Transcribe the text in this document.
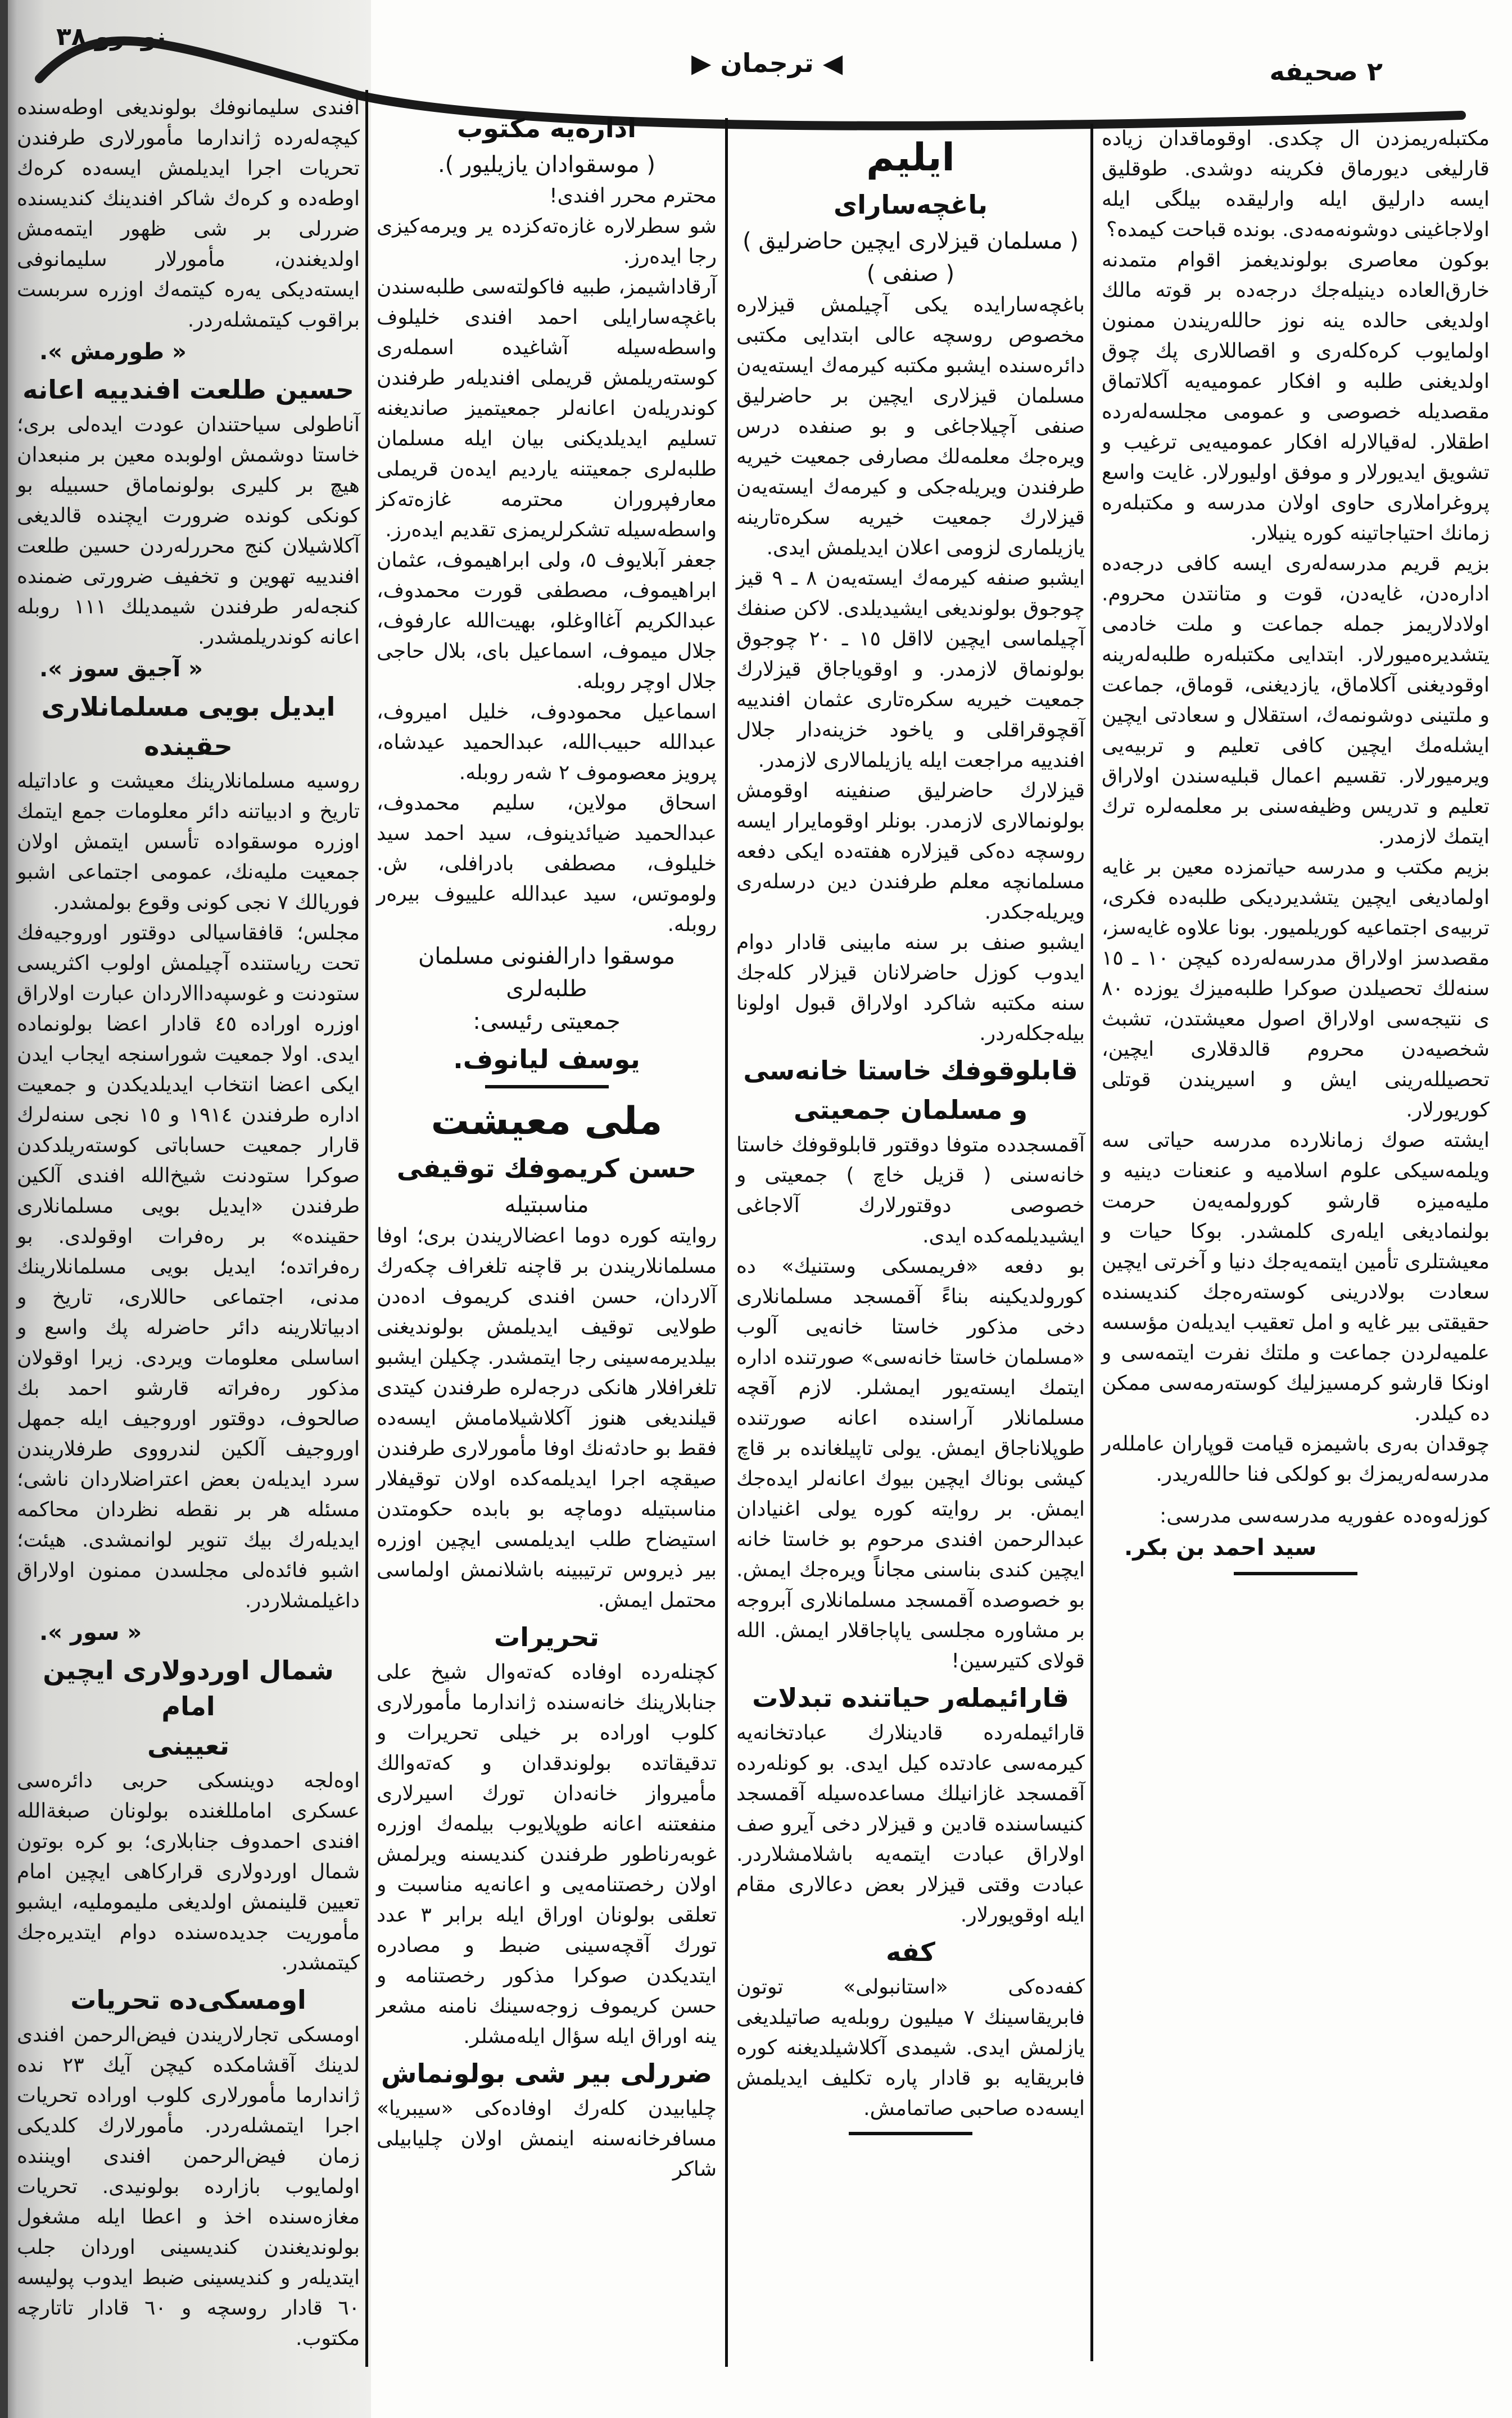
٢ صحیفه
◀ ترجمان ▶
نومرو ٣٨

مکتبلەریمزدن ال چکدی. اوقوماقدان زیادە قارلیغی دیورماق فکرینە دوشدی. طوقلیق ایسە دارلیق ایلە وارلیقدە بیلگی ایلە اولاجاغینی دوشونەمەدی. بوندە قباحت کیمدە؟

بوکون معاصری بولوندیغمز اقوام متمدنە خارق‌العادە دینیلەجك درجەدە بر قوتە مالك اولدیغی حالدە ینە نوز حاللەریندن ممنون اولمایوب کرەکلەری و اقصاللاری پك چوق اولدیغنی طلبە و افکار عمومیەیە آکلاتماق مقصدیلە خصوصی و عمومی مجلسەلەردە اطقلار. لەقیالارلە افکار عمومیەیی ترغیب و تشویق ایدیورلار و موفق اولیورلار. غایت واسع پروغراملاری حاوی اولان مدرسە و مکتبلەرە زمانك احتیاجاتینە کورە ینیلار.

بزیم قریم مدرسەلەری ایسە کافی درجەدە ادارەدن، غایەدن، قوت و متانتدن محروم. اولادلاریمز جملە جماعت و ملت خادمی یتشدیرەمیورلار. ابتدایی مکتبلەرە طلبەلەرینە اوقودیغنی آکلاماق، یازدیغنی، قوماق، جماعت و ملتینی دوشونمەك، استقلال و سعادتی ایچین ایشلەمك ایچین کافی تعلیم و تربیەیی ویرمیورلار. تقسیم اعمال قبلیەسندن اولاراق تعلیم و تدریس وظیفەسنی بر معلمەلرە ترك ایتمك لازمدر.

بزیم مکتب و مدرسە حیاتمزدە معین بر غایە اولمادیغی ایچین یتشدیردیکی طلبەدە فکری، تربیەی اجتماعیە کوریلمیور. بونا علاوە غایەسز، مقصدسز اولاراق مدرسەلەردە کیچن ١٠ ـ ١٥ سنەلك تحصیلدن صوکرا طلبەمیزك یوزدە ٨٠ ی نتیجەسی اولاراق اصول معیشتدن، تشبث شخصیەدن محروم قالدقلاری ایچین، تحصیللەرینی ایش و اسیریندن قوتلی کوریورلار.

ایشتە صوك زمانلاردە مدرسە حیاتی سە ویلمەسیکی علوم اسلامیە و عنعنات دینیە و ملیەمیزە قارشو کورولمەیەن حرمت بولنمادیغی ایلەری کلمشدر. بوکا حیات و معیشتلری تأمین ایتمەیەجك دنیا و آخرتی ایچین سعادت بولادرینی کوستەرەجك کندیسندە حقیقتی بیر غایە و امل تعقیب ایدیلەن مؤسسە علمیەلردن جماعت و ملتك نفرت ایتمەسی و اونکا قارشو کرمسیزلیك کوستەرمەسی ممکن دە کیلدر.

چوقدان بەری باشیمزە قیامت قوپاران عامللەر مدرسەلەریمزك بو کولکی فنا حاللەریدر.

کوزلەوەدە عفوریە مدرسەسی مدرسی:

سید احمد بن بکر.

ایلیم

باغچەسارای

( مسلمان قیزلاری ایچین حاضرلیق )

( صنفی )

باغچەسارایدە یکی آچیلمش قیزلارە مخصوص روسچە عالی ابتدایی مکتبی دائرەسندە ایشبو مکتبە کیرمەك ایستەیەن مسلمان قیزلاری ایچین بر حاضرلیق صنفی آچیلاجاغی و بو صنفدە درس ویرەجك معلمەلك مصارفی جمعیت خیریە طرفندن ویریلەجکی و کیرمەك ایستەیەن قیزلارك جمعیت خیریە سکرەتارینە یازیلماری لزومی اعلان ایدیلمش ایدی.

ایشبو صنفە کیرمەك ایستەیەن ٨ ـ ٩ قیز چوجوق بولوندیغی ایشیدیلدی. لاکن صنفك آچیلماسی ایچین لااقل ١٥ ـ ٢٠ چوجوق بولونماق لازمدر. و اوقویاجاق قیزلارك جمعیت خیریە سکرەتاری عثمان افندییە آقچوقراقلی و یاخود خزینەدار جلال افندییە مراجعت ایلە یازیلمالاری لازمدر.

قیزلارك حاضرلیق صنفینە اوقومش بولونمالاری لازمدر. بونلر اوقومایرار ایسە روسچە دەکی قیزلارە هفتەدە ایکی دفعە مسلمانچە معلم طرفندن دین درسلەری ویریلەجکدر.

ایشبو صنف بر سنە مابینی قادار دوام ایدوب کوزل حاضرلانان قیزلار کلەجك سنە مکتبە شاکرد اولاراق قبول اولونا بیلەجکلەردر.

قابلوقوفك خاستا خانەسی

و مسلمان جمعیتی

آقمسجددە متوفا دوقتور قابلوقوفك خاستا خانەسنی ( قزیل خاچ ) جمعیتی و خصوصی دوقتورلارك آلاجاغی ایشیدیلمەکدە ایدی.

بو دفعە «فریمسکی وستنیك» دە کورولدیکینە بناءً آقمسجد مسلمانلاری دخی مذکور خاستا خانەیی آلوب «مسلمان خاستا خانەسی» صورتندە ادارە ایتمك ایستەیور ایمشلر. لازم آقچە مسلمانلار آراسندە اعانە صورتندە طوپلاناجاق ایمش. یولی تاپیلغاندە بر قاچ کیشی بوناك ایچین بیوك اعانەلر ایدەجك ایمش. بر روایتە کورە یولی اغنیادان عبدالرحمن افندی مرحوم بو خاستا خانە ایچین کندی بناسنی مجاناً ویرەجك ایمش. بو خصوصدە آقمسجد مسلمانلاری آبروجە بر مشاورە مجلسی یاپاجاقلار ایمش. الله قولای کتیرسین!

قارائیملەر حیاتندە تبدلات

قارائیملەردە قادینلارك عبادتخانەیە کیرمەسی عادتدە کیل ایدی. بو کونلەردە آقمسجد غازانیلك مساعدەسیلە آقمسجد کنیساسندە قادین و قیزلار دخی آیرو صف اولاراق عبادت ایتمەیە باشلامشلاردر. عبادت وقتی قیزلار بعض دعالاری مقام ایلە اوقویورلار.

کفە

کفەدەکی «استانبولی» توتون فابریقاسینك ٧ میلیون روبلەیە صاتیلدیغی یازلمش ایدی. شیمدی آکلاشیلدیغنە کورە فابریقایە بو قادار پارە تکلیف ایدیلمش ایسەدە صاحبی صاتمامش.

ادارەیه مکتوب

( موسقوادان یازیلیور ).

محترم محرر افندی!

شو سطرلارە غازەتەکزدە یر ویرمەکیزی رجا ایدەرز.

آرقاداشیمز، طبیە فاکولتەسی طلبەسندن باغچەسارایلی احمد افندی خلیلوف واسطەسیلە آشاغیدە اسملەری کوستەریلمش قریملی افندیلەر طرفندن کوندریلەن اعانەلر جمعیتمیز صاندیغنە تسلیم ایدیلدیکنی بیان ایلە مسلمان طلبەلری جمعیتنە یاردیم ایدەن قریملی معارفپروران محترمە غازەتەکز واسطەسیلە تشکرلریمزی تقدیم ایدەرز.

جعفر آبلایوف ٥، ولی ابراهیموف، عثمان ابراهیموف، مصطفی قورت محمدوف، عبدالکریم آغااوغلو، بهیت‌الله عارفوف، جلال میموف، اسماعیل بای، بلال حاجی جلال اوچر روبلە.

اسماعیل محمودوف، خلیل امیروف، عبدالله حبیب‌الله، عبدالحمید عیدشاە، پرویز معصوموف ٢ شەر روبلە.

اسحاق مولاین، سلیم محمدوف، عبدالحمید ضیائدینوف، سید احمد سید خلیلوف، مصطفی بادرافلی، ش. ولوموتس، سید عبدالله علییوف بیرەر روبلە.

موسقوا دارالفنونی مسلمان طلبەلری

جمعیتی رئیسی:

یوسف لیانوف.

ملی معیشت

حسن کریموفك توقیفی

مناسبتیله

روایتە کورە دوما اعضالاریندن بری؛ اوفا مسلمانلاریندن بر قاچنە تلغراف چکەرك آلاردان، حسن افندی کریموف ادەدن طولایی توقیف ایدیلمش بولوندیغنی بیلدیرمەسینی رجا ایتمشدر. چکیلن ایشبو تلغرافلار هانکی درجەلرە طرفندن کیتدی قیلندیغی هنوز آکلاشیلامامش ایسەدە فقط بو حادثەنك اوفا مأمورلاری طرفندن صیقچە اجرا ایدیلمەکدە اولان توقیفلار مناسبتیلە دوماچە بو بابدە حکومتدن استیضاح طلب ایدیلمسی ایچین اوزرە بیر ذیروس ترتیبینە باشلانمش اولماسی محتمل ایمش.

تحریرات

کچنلەردە اوفادە کەتەوال شیخ علی جنابلارینك خانەسندە ژاندارما مأمورلاری کلوب اورادە بر خیلی تحریرات و تدقیقاتدە بولوندقدان و کەتەوالك مأمیرواز خانەدان تورك اسیرلاری منفعتنە اعانە طوپلایوب بیلمەك اوزرە غوبەرناطور طرفندن کندیسنە ویرلمش اولان رخصتنامەیی و اعانەیە مناسبت و تعلقی بولونان اوراق ایلە برابر ٣ عدد تورك آقچەسینی ضبط و مصادرە ایتدیکدن صوکرا مذکور رخصتنامە و حسن کریموف زوجەسینك نامنە مشعر ینە اوراق ایلە سؤال ایلەمشلر.

ضررلی بیر شی بولونماش

چلیابیدن کلەرك اوفادەکی «سیبریا» مسافرخانەسنە اینمش اولان چلیابیلی شاکر

افندی سلیمانوفك بولوندیغی اوطەسندە کیچەلەردە ژاندارما مأمورلاری طرفندن تحریات اجرا ایدیلمش ایسەدە کرەك اوطەدە و کرەك شاکر افندینك کندیسندە ضررلی بر شی ظهور ایتمەمش اولدیغندن، مأمورلار سلیمانوفی ایستەدیکی یەرە کیتمەك اوزرە سربست براقوب کیتمشلەردر.

« طورمش ».

حسین طلعت افندییه اعانه

آناطولی سیاحتندان عودت ایدەلی بری؛ خاستا دوشمش اولوبدە معین بر منبعدان هیچ بر کلیری بولونماماق حسبیلە بو کونکی کوندە ضرورت ایچندە قالدیغی آکلاشیلان کنج محررلەردن حسین طلعت افندییە تهوین و تخفیف ضرورتی ضمندە کنجەلەر طرفندن شیمدیلك ١١١ روبلە اعانە کوندریلمشدر.

« آجیق سوز ».

ایدیل بویی مسلمانلاری

حقینده

روسیە مسلمانلارینك معیشت و عاداتیلە تاریخ و ادبیاتنە دائر معلومات جمع ایتمك اوزرە موسقوادە تأسس ایتمش اولان جمعیت ملیەنك، عمومی اجتماعی اشبو فوریالك ٧ نجی کونی وقوع بولمشدر.

مجلس؛ قافقاسیالی دوقتور اوروجیەفك تحت ریاستندە آچیلمش اولوب اکثریسی ستودنت و غوسپەداالاردان عبارت اولاراق اوزرە اوراده ٤٥ قادار اعضا بولونمادە ایدی. اولا جمعیت شوراسنجە ایجاب ایدن ایکی اعضا انتخاب ایدیلدیکدن و جمعیت ادارە طرفندن ١٩١٤ و ١٥ نجی سنەلرك قارار جمعیت حساباتی کوستەریلدکدن صوکرا ستودنت شیخ‌الله افندی آلکین طرفندن «ایدیل بویی مسلمانلاری حقینده» بر رەفرات اوقولدی. بو رەفراتدە؛ ایدیل بویی مسلمانلارینك مدنی، اجتماعی حاللاری، تاریخ و ادبیاتلارینە دائر حاضرلە پك واسع و اساسلی معلومات ویردی. زیرا اوقولان مذکور رەفراتە قارشو احمد بك صالحوف، دوقتور اوروجیف ایلە جمهل اوروجیف آلکین لندرووی طرفلاریندن سرد ایدیلەن بعض اعتراضلاردان ناشی؛ مسئلە هر بر نقطە نظردان محاکمە ایدیلەرك بیك تنویر لوانمشدی. هیئت؛ اشبو فائدەلی مجلسدن ممنون اولاراق داغیلمشلاردر.

« سور ».

شمال اوردولاری ایچین امام

تعیینی

اوەلجە دوینسکی حربی دائرەسی عسکری امامللغندە بولونان صبغة‌الله افندی احمدوف جنابلاری؛ بو کرە بوتون شمال اوردولاری قرارکاهی ایچین امام تعیین قلینمش اولدیغی ملیموملیە، ایشبو مأموریت جدیدەسندە دوام ایتدیرەجك کیتمشدر.

اومسکی‌ده تحریات

اومسکی تجارلاریندن فیض‌الرحمن افندی لدینك آقشامکدە کیچن آیك ٢٣ ندە ژاندارما مأمورلاری کلوب اورادە تحریات اجرا ایتمشلەردر. مأمورلارك کلدیکی زمان فیض‌الرحمن افندی اوینندە اولمایوب بازاردە بولونیدی. تحریات مغازەسندە اخذ و اعطا ایلە مشغول بولوندیغندن کندیسینی اوردان جلب ایتدیلەر و کندیسینی ضبط ایدوب پولیسە ٦٠ قادار روسچە و ٦٠ قادار تاتارچە مکتوب.
